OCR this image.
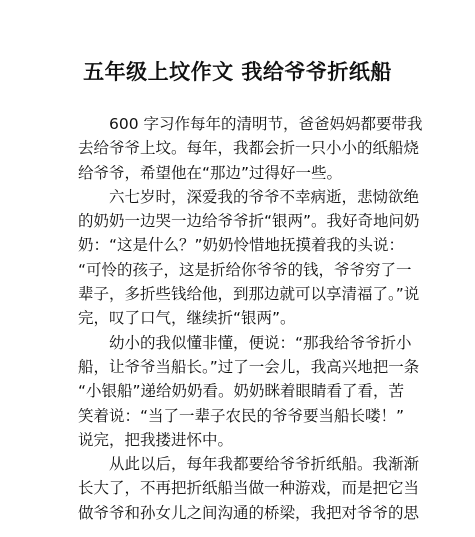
五年级上坟作文 我给爷爷折纸船
　　600 字习作每年的清明节，爸爸妈妈都要带我
去给爷爷上坟。每年，我都会折一只小小的纸船烧
给爷爷，希望他在“那边”过得好一些。
　　六七岁时，深爱我的爷爷不幸病逝，悲恸欲绝
的奶奶一边哭一边给爷爷折“银两”。我好奇地问奶
奶：“这是什么？”奶奶怜惜地抚摸着我的头说：
“可怜的孩子，这是折给你爷爷的钱，爷爷穷了一
辈子，多折些钱给他，到那边就可以享清福了。”说
完，叹了口气，继续折“银两”。
　　幼小的我似懂非懂，便说：“那我给爷爷折小
船，让爷爷当船长。”过了一会儿，我高兴地把一条
“小银船”递给奶奶看。奶奶眯着眼睛看了看，苦
笑着说：“当了一辈子农民的爷爷要当船长喽！”
说完，把我搂进怀中。
　　从此以后，每年我都要给爷爷折纸船。我渐渐
长大了，不再把折纸船当做一种游戏，而是把它当
做爷爷和孙女儿之间沟通的桥梁，我把对爷爷的思
